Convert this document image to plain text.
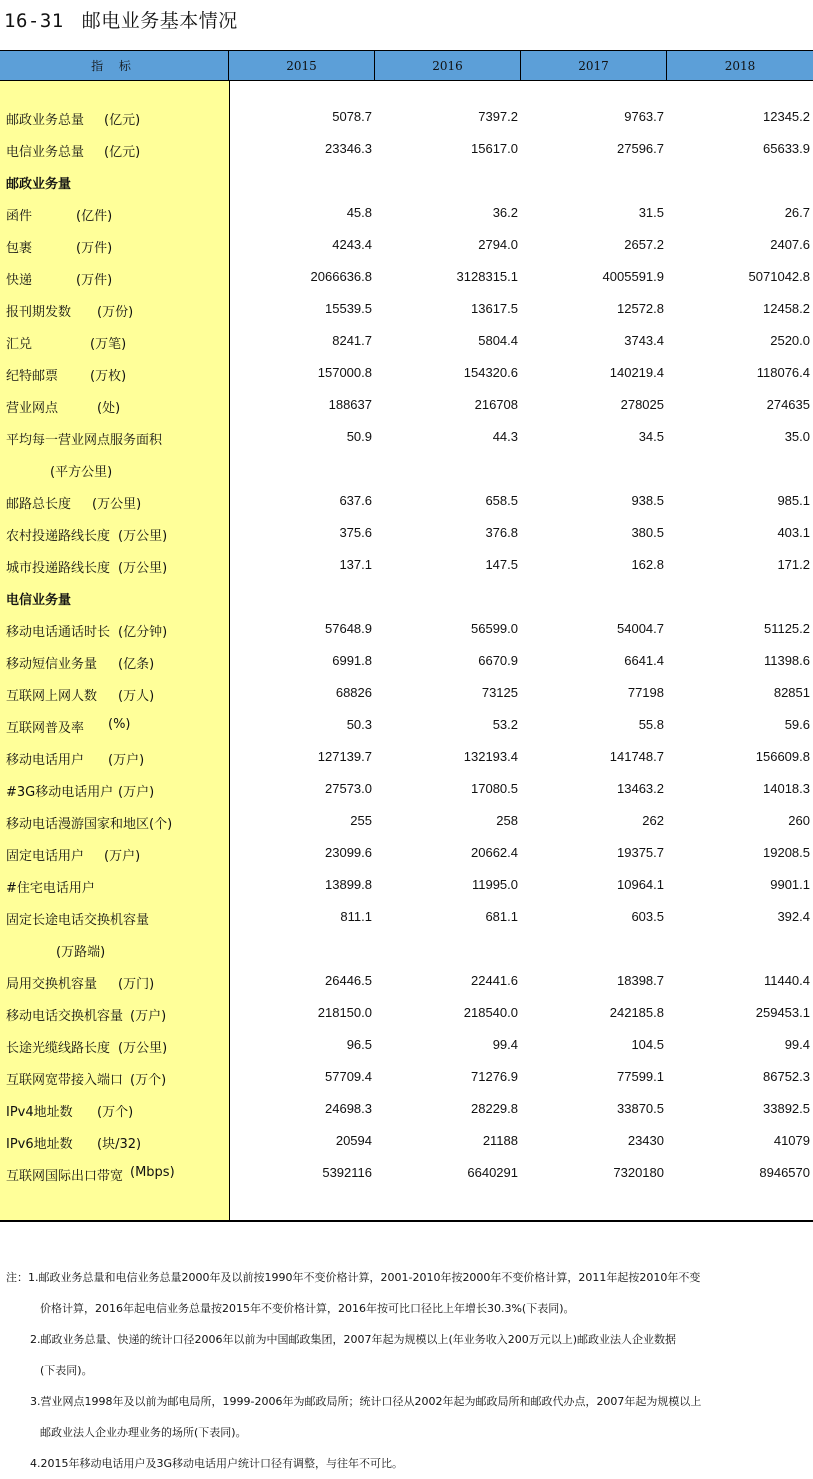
16-31 邮电业务基本情况
指 标	2015	2016	2017	2018
邮政业务总量 (亿元)	5078.7	7397.2	9763.7	12345.2
电信业务总量 (亿元)	23346.3	15617.0	27596.7	65633.9
邮政业务量
函件	(亿件)	45.8	36.2	31.5	26.7
包裹	(万件)	4243.4	2794.0	2657.2	2407.6
快递	(万件)	2066636.8	3128315.1	4005591.9	5071042.8
报刊期发数 (万份)	15539.5	13617.5	12572.8	12458.2
汇兑	(万笔)	8241.7	5804.4	3743.4	2520.0
纪特邮票 (万枚)	157000.8	154320.6	140219.4	118076.4
营业网点	(处)	188637	216708	278025	274635
平均每一营业网点服务面积	50.9	44.3	34.5	35.0
(平方公里)
邮路总长度 (万公里)	637.6	658.5	938.5	985.1
农村投递路线长度 (万公里)	375.6	376.8	380.5	403.1
城市投递路线长度 (万公里)	137.1	147.5	162.8	171.2
电信业务量
移动电话通话时长 (亿分钟)	57648.9	56599.0	54004.7	51125.2
移动短信业务量 (亿条)	6991.8	6670.9	6641.4	11398.6
互联网上网人数 (万人)	68826	73125	77198	82851
互联网普及率 (%)	50.3	53.2	55.8	59.6
移动电话用户 (万户)	127139.7	132193.4	141748.7	156609.8
#3G移动电话用户 (万户)	27573.0	17080.5	13463.2	14018.3
移动电话漫游国家和地区(个)	255	258	262	260
固定电话用户 (万户)	23099.6	20662.4	19375.7	19208.5
#住宅电话用户	13899.8	11995.0	10964.1	9901.1
固定长途电话交换机容量	811.1	681.1	603.5	392.4
(万路端)
局用交换机容量 (万门)	26446.5	22441.6	18398.7	11440.4
移动电话交换机容量 (万户)	218150.0	218540.0	242185.8	259453.1
长途光缆线路长度 (万公里)	96.5	99.4	104.5	99.4
互联网宽带接入端口 (万个)	57709.4	71276.9	77599.1	86752.3
IPv4地址数 (万个)	24698.3	28229.8	33870.5	33892.5
IPv6地址数 (块/32)	20594	21188	23430	41079
互联网国际出口带宽 (Mbps)	5392116	6640291	7320180	8946570
注：1.邮政业务总量和电信业务总量2000年及以前按1990年不变价格计算，2001-2010年按2000年不变价格计算，2011年起按2010年不变
价格计算，2016年起电信业务总量按2015年不变价格计算，2016年按可比口径比上年增长30.3%(下表同)。
2.邮政业务总量、快递的统计口径2006年以前为中国邮政集团，2007年起为规模以上(年业务收入200万元以上)邮政业法人企业数据
(下表同)。
3.营业网点1998年及以前为邮电局所，1999-2006年为邮政局所；统计口径从2002年起为邮政局所和邮政代办点，2007年起为规模以上
邮政业法人企业办理业务的场所(下表同)。
4.2015年移动电话用户及3G移动电话用户统计口径有调整，与往年不可比。
